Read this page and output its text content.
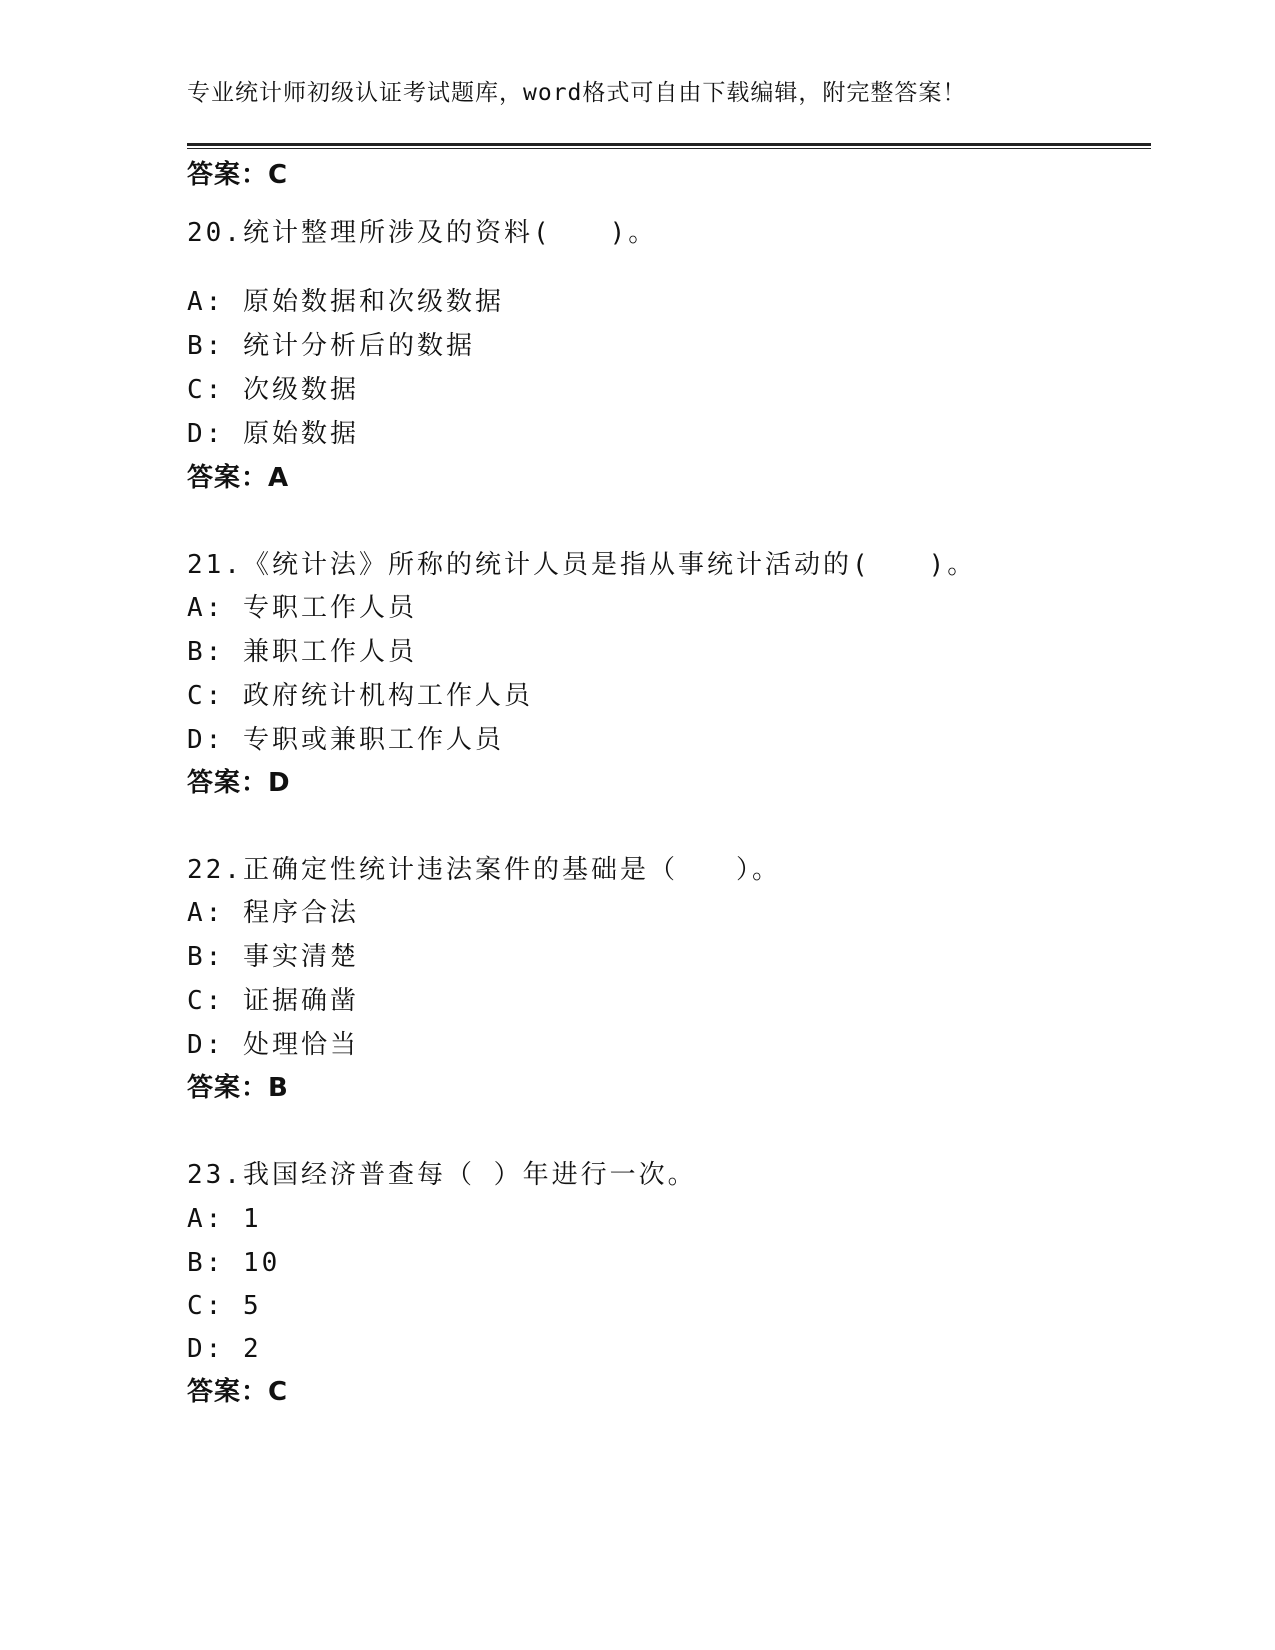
专业统计师初级认证考试题库，word格式可自由下载编辑，附完整答案！
答案：C
20.统计整理所涉及的资料(　　)。
A: 原始数据和次级数据
B: 统计分析后的数据
C: 次级数据
D: 原始数据
答案：A
21.《统计法》所称的统计人员是指从事统计活动的(　　)。
A: 专职工作人员
B: 兼职工作人员
C: 政府统计机构工作人员
D: 专职或兼职工作人员
答案：D
22.正确定性统计违法案件的基础是（　　）。
A: 程序合法
B: 事实清楚
C: 证据确凿
D: 处理恰当
答案：B
23.我国经济普查每（ ）年进行一次。
A: 1
B: 10
C: 5
D: 2
答案：C
